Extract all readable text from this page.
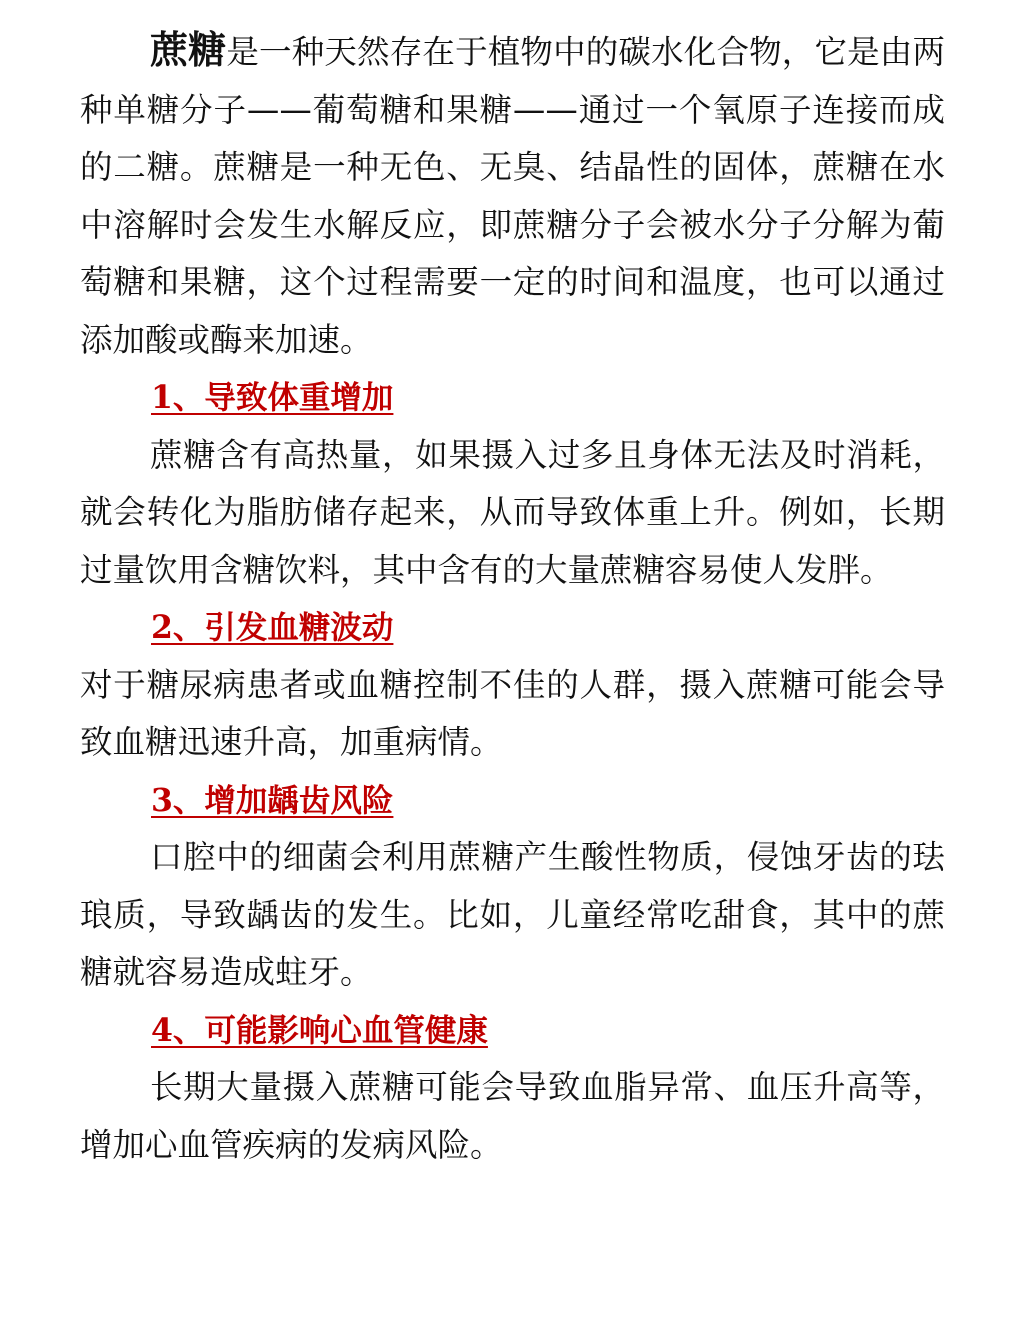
蔗糖是一种天然存在于植物中的碳水化合物，它是由两种单糖分子——葡萄糖和果糖——通过一个氧原子连接而成的二糖。蔗糖是一种无色、无臭、结晶性的固体，蔗糖在水中溶解时会发生水解反应，即蔗糖分子会被水分子分解为葡萄糖和果糖，这个过程需要一定的时间和温度，也可以通过添加酸或酶来加速。

1、导致体重增加

蔗糖含有高热量，如果摄入过多且身体无法及时消耗，就会转化为脂肪储存起来，从而导致体重上升。例如，长期过量饮用含糖饮料，其中含有的大量蔗糖容易使人发胖。

2、引发血糖波动

对于糖尿病患者或血糖控制不佳的人群，摄入蔗糖可能会导致血糖迅速升高，加重病情。

3、增加龋齿风险

口腔中的细菌会利用蔗糖产生酸性物质，侵蚀牙齿的珐琅质，导致龋齿的发生。比如，儿童经常吃甜食，其中的蔗糖就容易造成蛀牙。

4、可能影响心血管健康

长期大量摄入蔗糖可能会导致血脂异常、血压升高等，增加心血管疾病的发病风险。
